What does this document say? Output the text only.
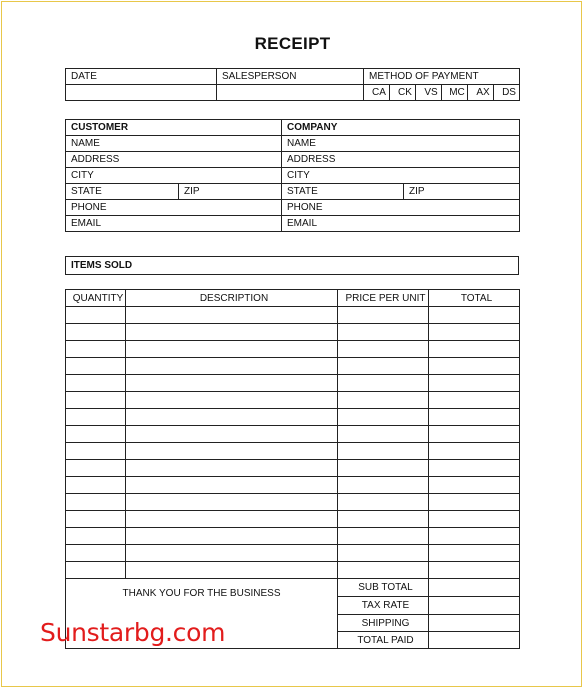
RECEIPT
DATE	SALESPERSON	METHOD OF PAYMENT					
		CA	CK	VS	MC	AX	DS
CUSTOMER		COMPANY	
NAME		NAME	
ADDRESS		ADDRESS	
CITY		CITY	
STATE	ZIP	STATE	ZIP
PHONE		PHONE	
EMAIL		EMAIL	
ITEMS SOLD
QUANTITY	DESCRIPTION	PRICE PER UNIT	TOTAL

THANK YOU FOR THE BUSINESS		SUB TOTAL	
		TAX RATE	
		SHIPPING	
		TOTAL PAID	
Sunstarbg.com
